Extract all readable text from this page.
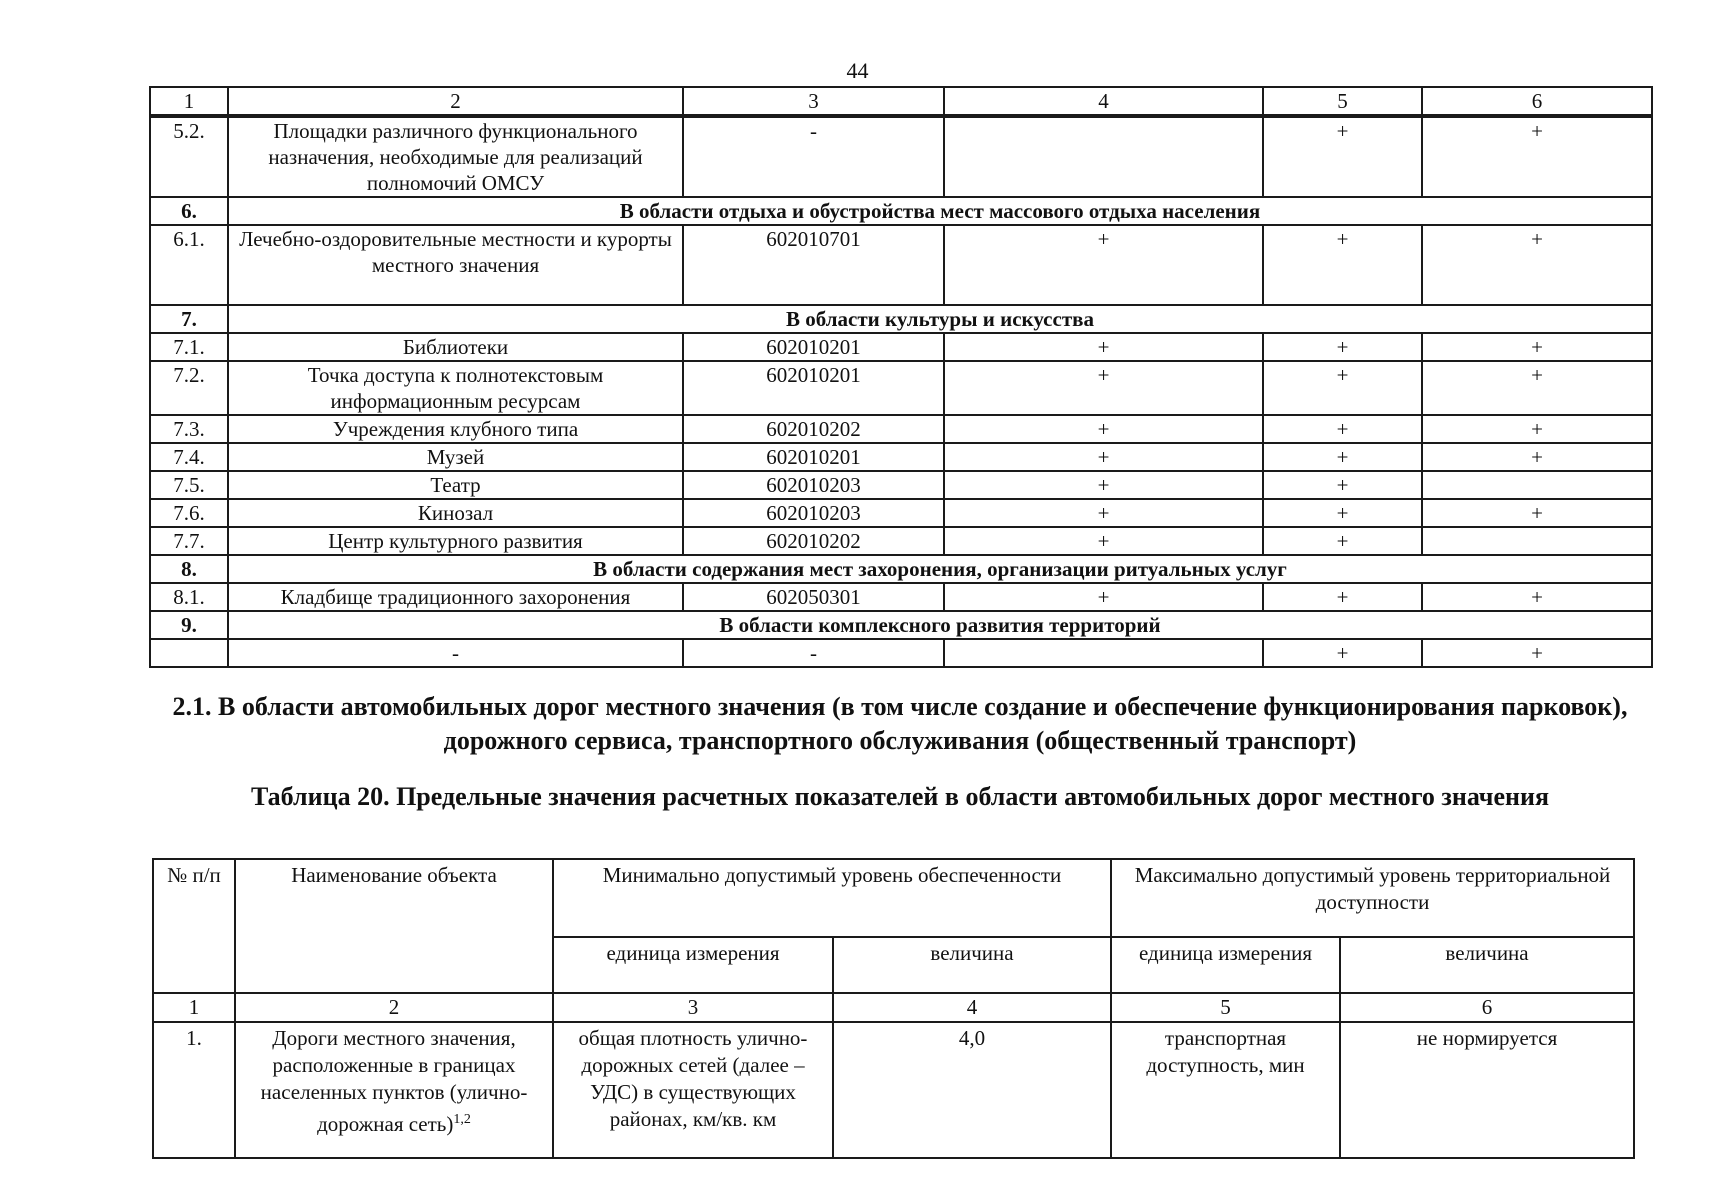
44
1	2	3	4	5	6
5.2.	Площадки различного функционального назначения, необходимые для реализаций полномочий ОМСУ	-		+	+
6.	В области отдыха и обустройства мест массового отдыха населения				
6.1.	Лечебно-оздоровительные местности и курорты местного значения	602010701	+	+	+
7.	В области культуры и искусства				
7.1.	Библиотеки	602010201	+	+	+
7.2.	Точка доступа к полнотекстовым информационным ресурсам	602010201	+	+	+
7.3.	Учреждения клубного типа	602010202	+	+	+
7.4.	Музей	602010201	+	+	+
7.5.	Театр	602010203	+	+	
7.6.	Кинозал	602010203	+	+	+
7.7.	Центр культурного развития	602010202	+	+	
8.	В области содержания мест захоронения, организации ритуальных услуг				
8.1.	Кладбище традиционного захоронения	602050301	+	+	+
9.	В области комплексного развития территорий				
	-	-		+	+
2.1. В области автомобильных дорог местного значения (в том числе создание и обеспечение функционирования парковок), дорожного сервиса, транспортного обслуживания (общественный транспорт)
Таблица 20. Предельные значения расчетных показателей в области автомобильных дорог местного значения
№ п/п	Наименование объекта	Минимально допустимый уровень обеспеченности		Максимально допустимый уровень территориальной доступности	
		единица измерения	величина	единица измерения	величина
1	2	3	4	5	6
1.	Дороги местного значения, расположенные в границах населенных пунктов (улично-дорожная сеть)$^{1,2}$	общая плотность улично-дорожных сетей (далее – УДС) в существующих районах, км/кв. км	4,0	транспортная доступность, мин	не нормируется
